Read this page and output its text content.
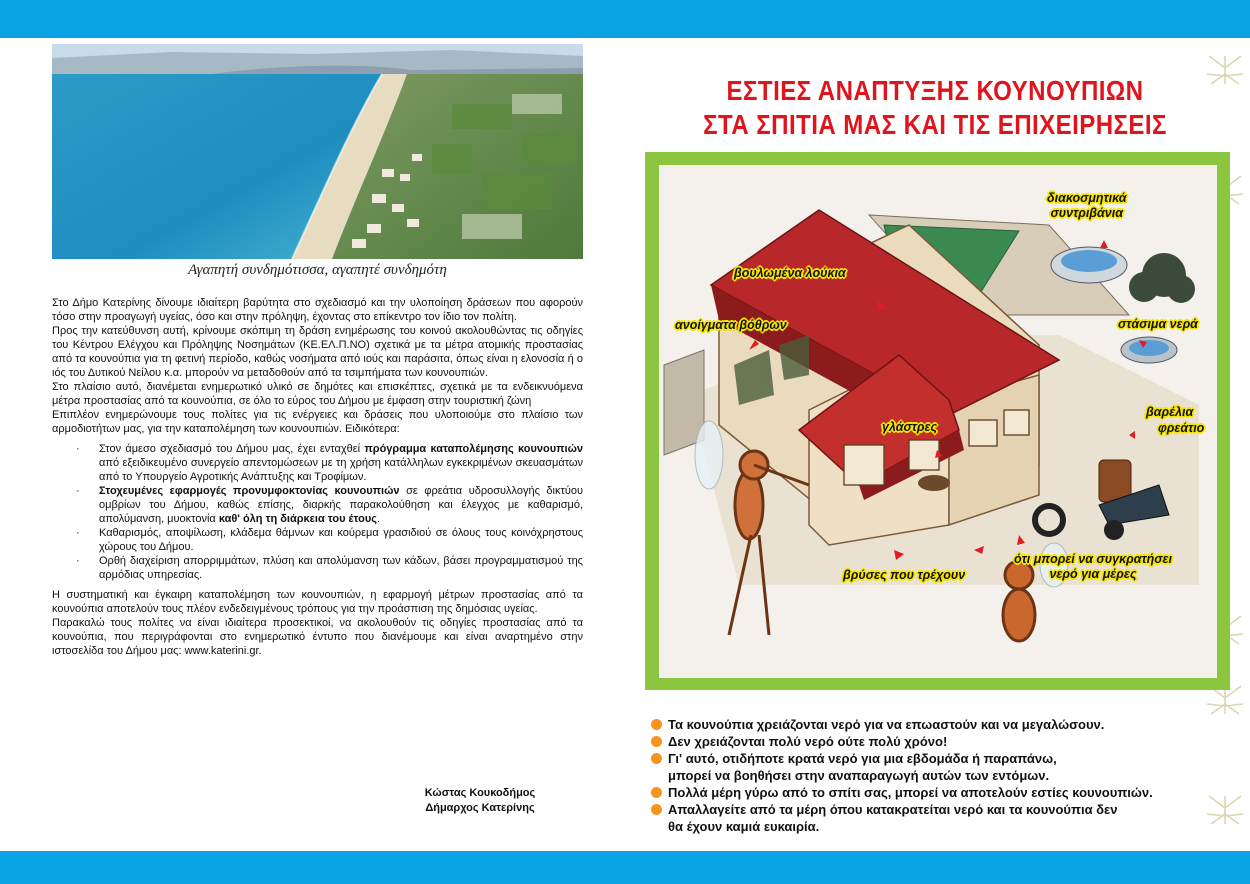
Αγαπητή συνδημότισσα, αγαπητέ συνδημότη

Στο Δήμο Κατερίνης δίνουμε ιδιαίτερη βαρύτητα στο σχεδιασμό και την υλοποίηση δράσεων που αφορούν τόσο στην προαγωγή υγείας, όσο και στην πρόληψη, έχοντας στο επίκεντρο τον ίδιο τον πολίτη.

Προς την κατεύθυνση αυτή, κρίνουμε σκόπιμη τη δράση ενημέρωσης του κοινού ακολουθώντας τις οδηγίες του Κέντρου Ελέγχου και Πρόληψης Νοσημάτων (ΚΕ.ΕΛ.Π.ΝΟ) σχετικά με τα μέτρα ατομικής προστασίας από τα κουνούπια για τη φετινή περίοδο, καθώς νοσήματα από ιούς και παράσιτα, όπως είναι η ελονοσία ή ο ιός του Δυτικού Νείλου κ.α. μπορούν να μεταδοθούν από τα τσιμπήματα των κουνουπιών.

Στο πλαίσιο αυτό, διανέμεται ενημερωτικό υλικό σε δημότες και επισκέπτες, σχετικά με τα ενδεικνυόμενα μέτρα προστασίας από τα κουνούπια, σε όλο το εύρος του Δήμου με έμφαση στην τουριστική ζώνη

Επιπλέον ενημερώνουμε τους πολίτες για τις ενέργειες και δράσεις που υλοποιούμε στο πλαίσιο των αρμοδιοτήτων μας, για την καταπολέμηση των κουνουπιών. Ειδικότερα:

· Στον άμεσο σχεδιασμό του Δήμου μας, έχει ενταχθεί πρόγραμμα καταπολέμησης κουνουπιών από εξειδικευμένο συνεργείο απεντομώσεων με τη χρήση κατάλληλων εγκεκριμένων σκευασμάτων από το Υπουργείο Αγροτικής Ανάπτυξης και Τροφίμων.
· Στοχευμένες εφαρμογές προνυμφοκτονίας κουνουπιών σε φρεάτια υδροσυλλογής δικτύου ομβρίων του Δήμου, καθώς επίσης, διαρκής παρακολούθηση και έλεγχος με καθαρισμό, απολύμανση, μυοκτονία καθ' όλη τη διάρκεια του έτους.
· Καθαρισμός, αποψίλωση, κλάδεμα θάμνων και κούρεμα γρασιδιού σε όλους τους κοινόχρηστους χώρους του Δήμου.
· Ορθή διαχείριση απορριμμάτων, πλύση και απολύμανση των κάδων, βάσει προγραμματισμού της αρμόδιας υπηρεσίας.

Η συστηματική και έγκαιρη καταπολέμηση των κουνουπιών, η εφαρμογή μέτρων προστασίας από τα κουνούπια αποτελούν τους πλέον ενδεδειγμένους τρόπους για την προάσπιση της δημόσιας υγείας.

Παρακαλώ τους πολίτες να είναι ιδιαίτερα προσεκτικοί, να ακολουθούν τις οδηγίες προστασίας από τα κουνούπια, που περιγράφονται στο ενημερωτικό έντυπο που διανέμουμε και είναι αναρτημένο στην ιστοσελίδα του Δήμου μας: www.katerini.gr.

Κώστας Κουκοδήμος
Δήμαρχος Κατερίνης
ΕΣΤΙΕΣ ΑΝΑΠΤΥΞΗΣ ΚΟΥΝΟΥΠΙΩΝ
ΣΤΑ ΣΠΙΤΙΑ ΜΑΣ ΚΑΙ ΤΙΣ ΕΠΙΧΕΙΡΗΣΕΙΣ
διακοσμητικά
συντριβάνια
βουλωμένα λούκια
ανοίγματα βόθρων	στάσιμα νερά
γλάστρες
βαρέλια
φρεάτιο
βρύσες που τρέχουν
ότι μπορεί να συγκρατήσει
νερό για μέρες
Τα κουνούπια χρειάζονται νερό για να επωαστούν και να μεγαλώσουν.
Δεν χρειάζονται πολύ νερό ούτε πολύ χρόνο!
Γι' αυτό, οτιδήποτε κρατά νερό για μια εβδομάδα ή παραπάνω,
μπορεί να βοηθήσει στην αναπαραγωγή αυτών των εντόμων.
Πολλά μέρη γύρω από το σπίτι σας, μπορεί να αποτελούν εστίες κουνουπιών.
Απαλλαγείτε από τα μέρη όπου κατακρατείται νερό και τα κουνούπια δεν
θα έχουν καμιά ευκαιρία.
